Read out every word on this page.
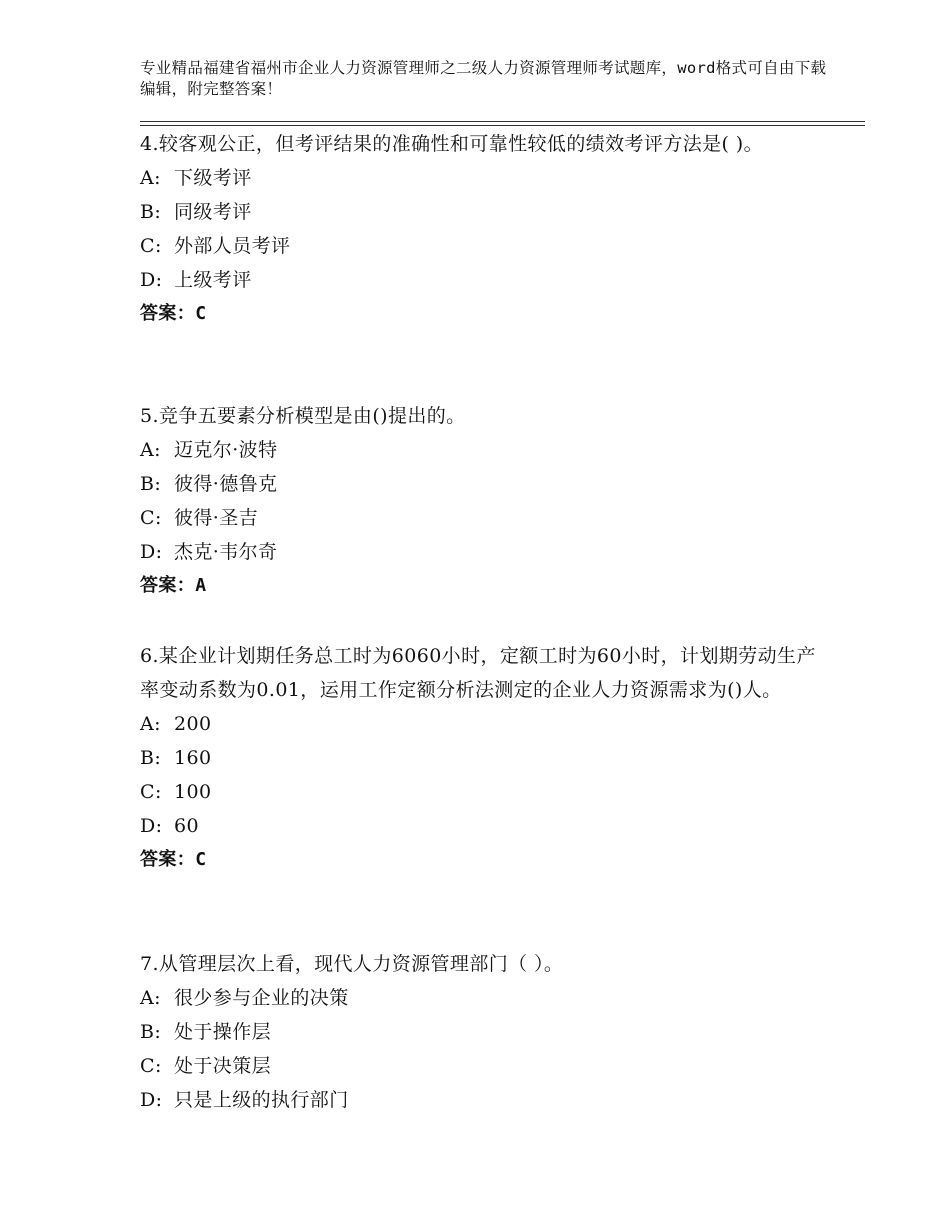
专业精品福建省福州市企业人力资源管理师之二级人力资源管理师考试题库，word格式可自由下载编辑，附完整答案！
4.较客观公正，但考评结果的准确性和可靠性较低的绩效考评方法是( )。
A: 下级考评
B: 同级考评
C: 外部人员考评
D: 上级考评
答案：C
5.竞争五要素分析模型是由()提出的。
A: 迈克尔·波特
B: 彼得·德鲁克
C: 彼得·圣吉
D: 杰克·韦尔奇
答案：A
6.某企业计划期任务总工时为6060小时，定额工时为60小时，计划期劳动生产率变动系数为0.01，运用工作定额分析法测定的企业人力资源需求为()人。
A: 200
B: 160
C: 100
D: 60
答案：C
7.从管理层次上看，现代人力资源管理部门（ ）。
A: 很少参与企业的决策
B: 处于操作层
C: 处于决策层
D: 只是上级的执行部门
